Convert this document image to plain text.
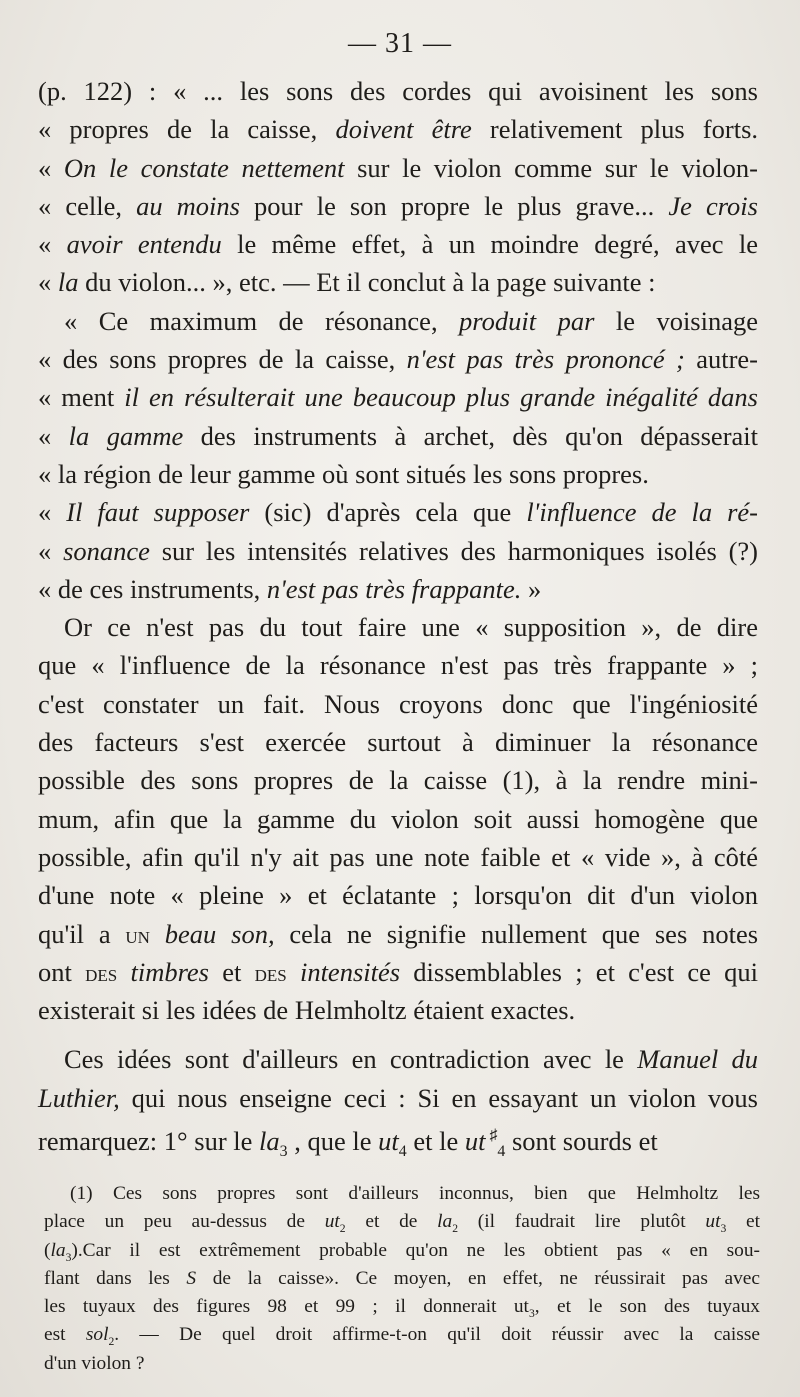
— 31 —
(p. 122) : « ... les sons des cordes qui avoisinent les sons
« propres de la caisse, doivent être relativement plus forts.
« On le constate nettement sur le violon comme sur le violon-
« celle, au moins pour le son propre le plus grave... Je crois
« avoir entendu le même effet, à un moindre degré, avec le
« la du violon... », etc. — Et il conclut à la page suivante :
« Ce maximum de résonance, produit par le voisinage
« des sons propres de la caisse, n'est pas très prononcé ; autre-
« ment il en résulterait une beaucoup plus grande inégalité dans
« la gamme des instruments à archet, dès qu'on dépasserait
« la région de leur gamme où sont situés les sons propres.
« Il faut supposer (sic) d'après cela que l'influence de la ré-
« sonance sur les intensités relatives des harmoniques isolés (?)
« de ces instruments, n'est pas très frappante. »
Or ce n'est pas du tout faire une « supposition », de dire
que « l'influence de la résonance n'est pas très frappante » ;
c'est constater un fait. Nous croyons donc que l'ingéniosité
des facteurs s'est exercée surtout à diminuer la résonance
possible des sons propres de la caisse (1), à la rendre mini-
mum, afin que la gamme du violon soit aussi homogène que
possible, afin qu'il n'y ait pas une note faible et « vide », à côté
d'une note « pleine » et éclatante ; lorsqu'on dit d'un violon
qu'il a un beau son, cela ne signifie nullement que ses notes
ont des timbres et des intensités dissemblables ; et c'est ce qui
existerait si les idées de Helmholtz étaient exactes.
Ces idées sont d'ailleurs en contradiction avec le Manuel du
Luthier, qui nous enseigne ceci : Si en essayant un violon vous
remarquez: 1° sur le $la_3$ , que le $ut_4$ et le ut ♯$_4$ sont sourds et
(1) Ces sons propres sont d'ailleurs inconnus, bien que Helmholtz les
place un peu au-dessus de $ut_2$ et de $la_2$ (il faudrait lire plutôt $ut_3$ et
$(la_3).Car$ il est extrêmement probable qu'on ne les obtient pas « en sou-
flant dans les S de la caisse». Ce moyen, en effet, ne réussirait pas avec
les tuyaux des figures 98 et 99 ; il donnerait $ut_3$, et le son des tuyaux
est sol$_2$. — De quel droit affirme-t-on qu'il doit réussir avec la caisse
d'un violon ?
